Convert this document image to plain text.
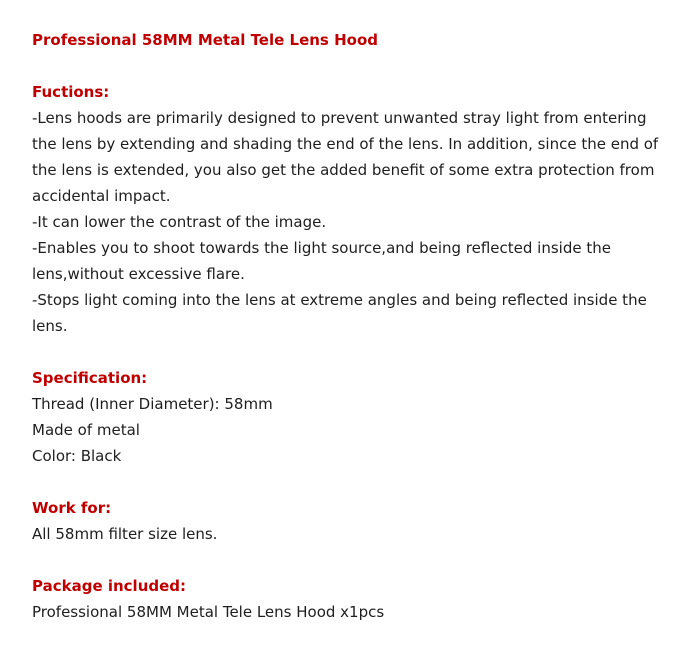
Professional 58MM Metal Tele Lens Hood
Fuctions:

-Lens hoods are primarily designed to prevent unwanted stray light from entering the lens by extending and shading the end of the lens. In addition, since the end of the lens is extended, you also get the added benefit of some extra protection from accidental impact.

-It can lower the contrast of the image.

-Enables you to shoot towards the light source,and being reflected inside the lens,without excessive flare.

-Stops light coming into the lens at extreme angles and being reflected inside the lens.

Specification:

Thread (Inner Diameter): 58mm

Made of metal

Color: Black

Work for:

All 58mm filter size lens.

Package included:

Professional 58MM Metal Tele Lens Hood x1pcs
